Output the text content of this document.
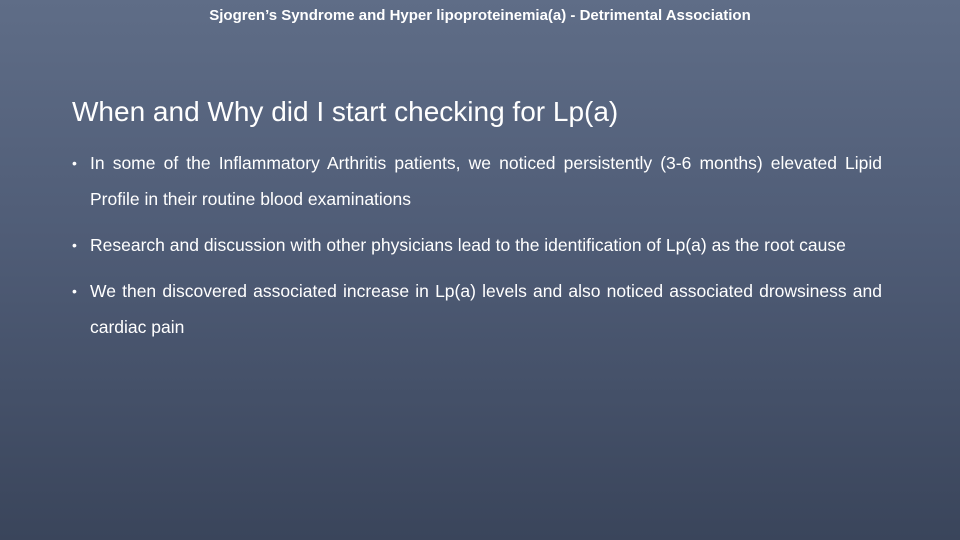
Sjogren’s Syndrome and Hyper lipoproteinemia(a) - Detrimental Association
When and Why did I start checking for Lp(a)
• In some of the Inflammatory Arthritis patients, we noticed persistently (3-6 months) elevated Lipid Profile in their routine blood examinations
• Research and discussion with other physicians lead to the identification of Lp(a) as the root cause
• We then discovered associated increase in Lp(a) levels and also noticed associated drowsiness and cardiac pain
